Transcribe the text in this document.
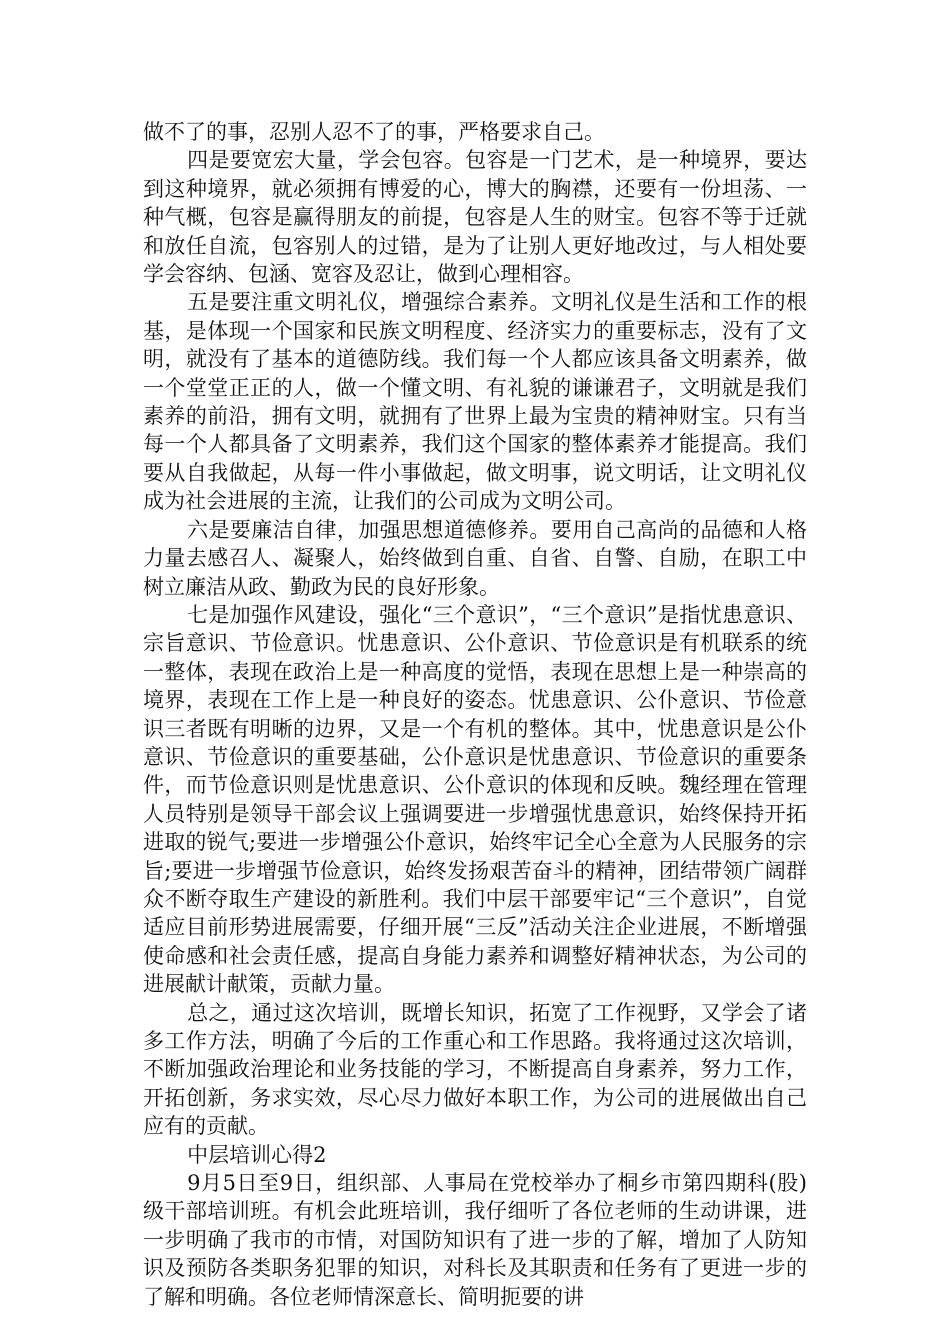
做不了的事，忍别人忍不了的事，严格要求自己。

四是要宽宏大量，学会包容。包容是一门艺术，是一种境界，要达到这种境界，就必须拥有博爱的心，博大的胸襟，还要有一份坦荡、一种气概，包容是赢得朋友的前提，包容是人生的财宝。包容不等于迁就和放任自流，包容别人的过错，是为了让别人更好地改过，与人相处要学会容纳、包涵、宽容及忍让，做到心理相容。

五是要注重文明礼仪，增强综合素养。文明礼仪是生活和工作的根基，是体现一个国家和民族文明程度、经济实力的重要标志，没有了文明，就没有了基本的道德防线。我们每一个人都应该具备文明素养，做一个堂堂正正的人，做一个懂文明、有礼貌的谦谦君子，文明就是我们素养的前沿，拥有文明，就拥有了世界上最为宝贵的精神财宝。只有当每一个人都具备了文明素养，我们这个国家的整体素养才能提高。我们要从自我做起，从每一件小事做起，做文明事，说文明话，让文明礼仪成为社会进展的主流，让我们的公司成为文明公司。

六是要廉洁自律，加强思想道德修养。要用自己高尚的品德和人格力量去感召人、凝聚人，始终做到自重、自省、自警、自励，在职工中树立廉洁从政、勤政为民的良好形象。

七是加强作风建设，强化“三个意识”，“三个意识”是指忧患意识、宗旨意识、节俭意识。忧患意识、公仆意识、节俭意识是有机联系的统一整体，表现在政治上是一种高度的觉悟，表现在思想上是一种崇高的境界，表现在工作上是一种良好的姿态。忧患意识、公仆意识、节俭意识三者既有明晰的边界，又是一个有机的整体。其中，忧患意识是公仆意识、节俭意识的重要基础，公仆意识是忧患意识、节俭意识的重要条件，而节俭意识则是忧患意识、公仆意识的体现和反映。魏经理在管理人员特别是领导干部会议上强调要进一步增强忧患意识，始终保持开拓进取的锐气;要进一步增强公仆意识，始终牢记全心全意为人民服务的宗旨;要进一步增强节俭意识，始终发扬艰苦奋斗的精神，团结带领广阔群众不断夺取生产建设的新胜利。我们中层干部要牢记“三个意识”，自觉适应目前形势进展需要，仔细开展“三反”活动关注企业进展，不断增强使命感和社会责任感，提高自身能力素养和调整好精神状态，为公司的进展献计献策，贡献力量。

总之，通过这次培训，既增长知识，拓宽了工作视野，又学会了诸多工作方法，明确了今后的工作重心和工作思路。我将通过这次培训，不断加强政治理论和业务技能的学习，不断提高自身素养，努力工作，开拓创新，务求实效，尽心尽力做好本职工作，为公司的进展做出自己应有的贡献。

中层培训心得2

9月5日至9日，组织部、人事局在党校举办了桐乡市第四期科(股)级干部培训班。有机会此班培训，我仔细听了各位老师的生动讲课，进一步明确了我市的市情，对国防知识有了进一步的了解，增加了人防知识及预防各类职务犯罪的知识，对科长及其职责和任务有了更进一步的了解和明确。各位老师情深意长、简明扼要的讲
